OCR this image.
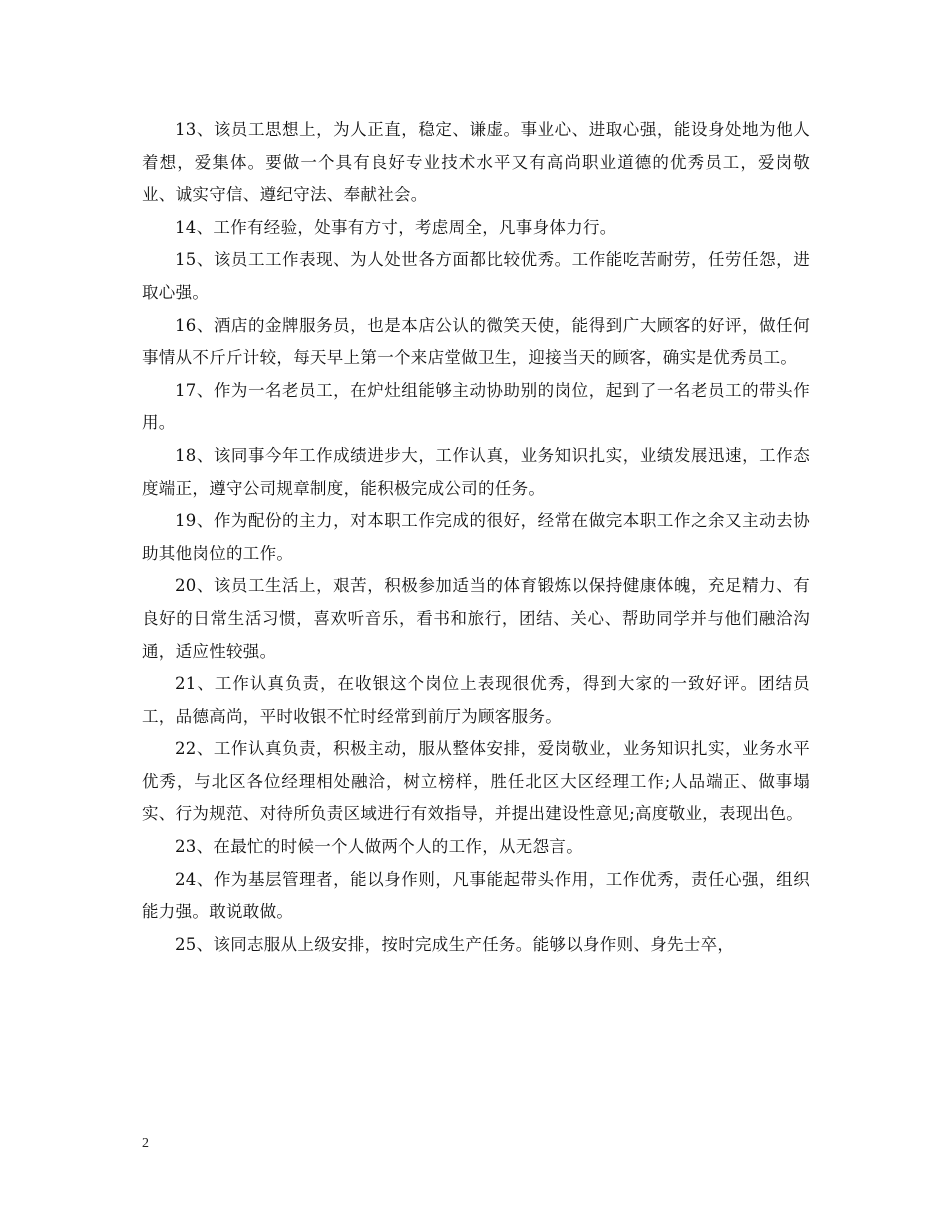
13、该员工思想上，为人正直，稳定、谦虚。事业心、进取心强，能设身处地为他人着想，爱集体。要做一个具有良好专业技术水平又有高尚职业道德的优秀员工，爱岗敬业、诚实守信、遵纪守法、奉献社会。

14、工作有经验，处事有方寸，考虑周全，凡事身体力行。

15、该员工工作表现、为人处世各方面都比较优秀。工作能吃苦耐劳，任劳任怨，进取心强。

16、酒店的金牌服务员，也是本店公认的微笑天使，能得到广大顾客的好评，做任何事情从不斤斤计较，每天早上第一个来店堂做卫生，迎接当天的顾客，确实是优秀员工。

17、作为一名老员工，在炉灶组能够主动协助别的岗位，起到了一名老员工的带头作用。

18、该同事今年工作成绩进步大，工作认真，业务知识扎实，业绩发展迅速，工作态度端正，遵守公司规章制度，能积极完成公司的任务。

19、作为配份的主力，对本职工作完成的很好，经常在做完本职工作之余又主动去协助其他岗位的工作。

20、该员工生活上，艰苦，积极参加适当的体育锻炼以保持健康体魄，充足精力、有良好的日常生活习惯，喜欢听音乐，看书和旅行，团结、关心、帮助同学并与他们融洽沟通，适应性较强。

21、工作认真负责，在收银这个岗位上表现很优秀，得到大家的一致好评。团结员工，品德高尚，平时收银不忙时经常到前厅为顾客服务。

22、工作认真负责，积极主动，服从整体安排，爱岗敬业，业务知识扎实，业务水平优秀，与北区各位经理相处融洽，树立榜样，胜任北区大区经理工作;人品端正、做事塌实、行为规范、对待所负责区域进行有效指导，并提出建设性意见;高度敬业，表现出色。

23、在最忙的时候一个人做两个人的工作，从无怨言。

24、作为基层管理者，能以身作则，凡事能起带头作用，工作优秀，责任心强，组织能力强。敢说敢做。

25、该同志服从上级安排，按时完成生产任务。能够以身作则、身先士卒，

2
